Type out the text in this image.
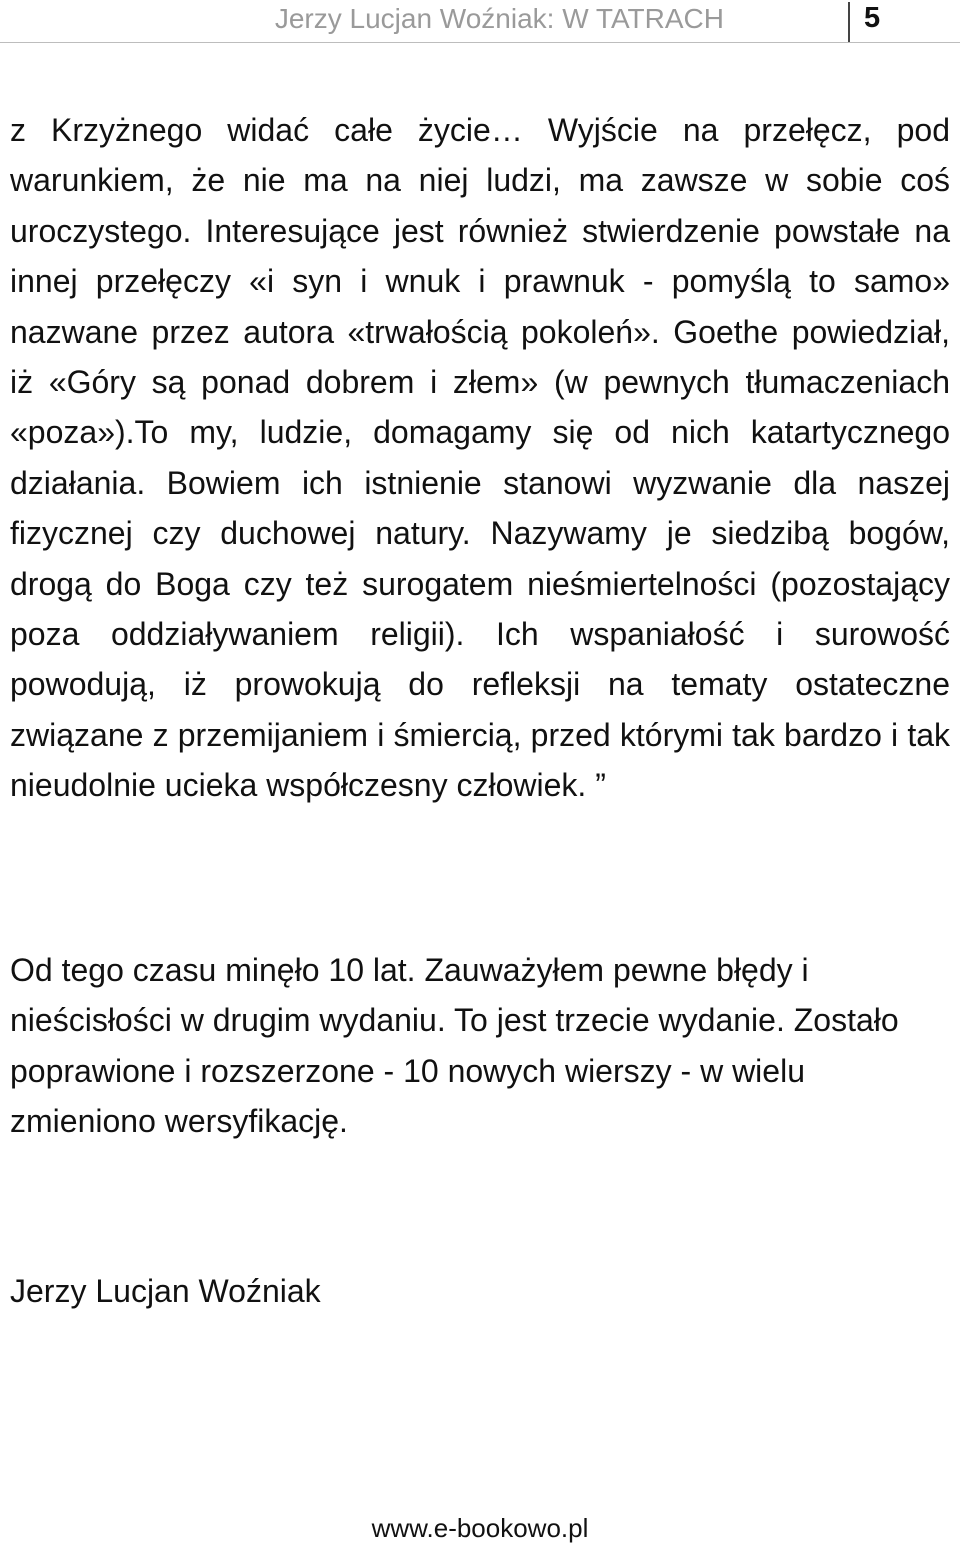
Jerzy Lucjan Woźniak: W TATRACH	5

z Krzyżnego widać całe życie… Wyjście na przełęcz, pod warunkiem, że nie ma na niej ludzi, ma zawsze w sobie coś uroczystego. Interesujące jest również stwierdzenie powstałe na innej przełęczy «i syn i wnuk i prawnuk - pomyślą to samo» nazwane przez autora «trwałością pokoleń». Goethe powiedział, iż «Góry są ponad dobrem i złem» (w pewnych tłumaczeniach «poza»).To my, ludzie, domagamy się od nich katartycznego działania. Bowiem ich istnienie stanowi wyzwanie dla naszej fizycznej czy duchowej natury. Nazywamy je siedzibą bogów, drogą do Boga czy też surogatem nieśmiertelności (pozostający poza oddziaływaniem religii). Ich wspaniałość i surowość powodują, iż prowokują do refleksji na tematy ostateczne związane z przemijaniem i śmiercią, przed którymi tak bardzo i tak nieudolnie ucieka współczesny człowiek. ”

Od tego czasu minęło 10 lat. Zauważyłem pewne błędy i nieścisłości w drugim wydaniu. To jest trzecie wydanie. Zostało poprawione i rozszerzone - 10 nowych wierszy - w wielu zmieniono wersyfikację.

Jerzy Lucjan Woźniak

www.e-bookowo.pl
